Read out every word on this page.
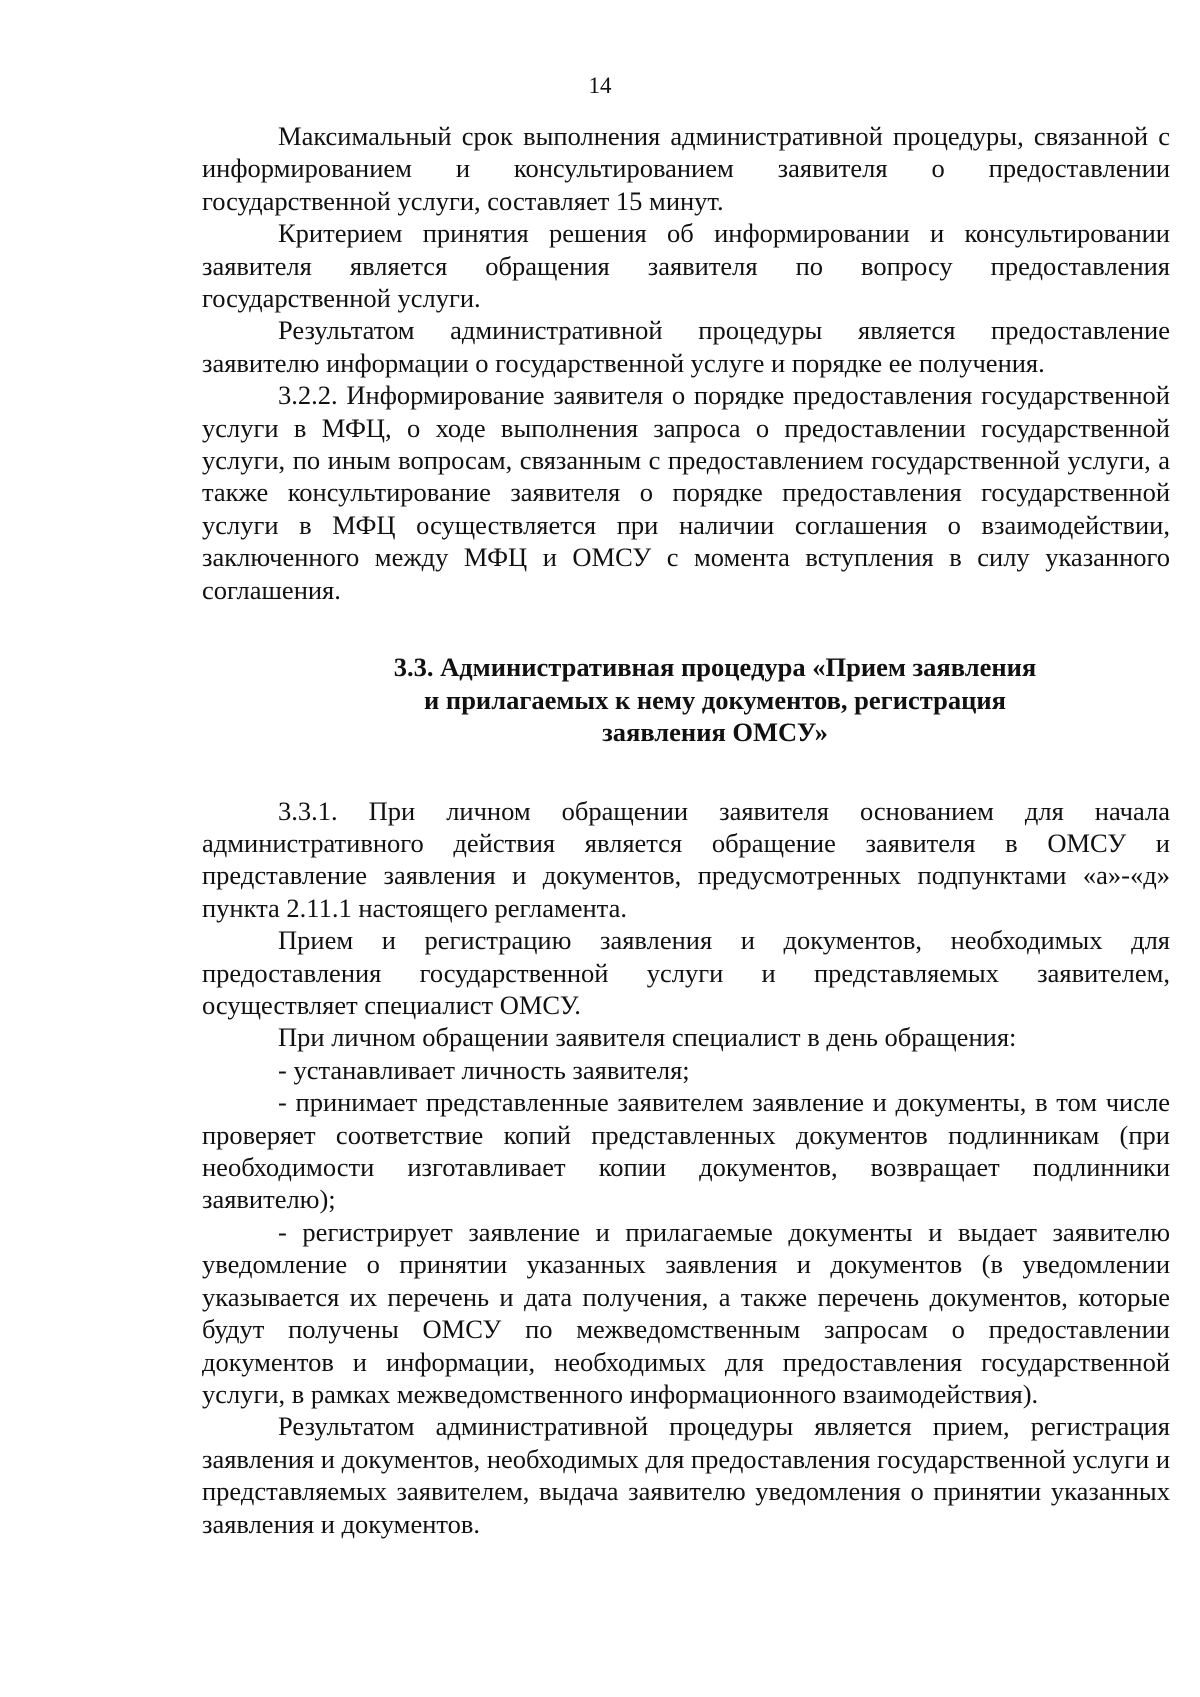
14

Максимальный срок выполнения административной процедуры, связанной с информированием и консультированием заявителя о предоставлении государственной услуги, составляет 15 минут.

Критерием принятия решения об информировании и консультировании заявителя является обращения заявителя по вопросу предоставления государственной услуги.

Результатом административной процедуры является предоставление заявителю информации о государственной услуге и порядке ее получения.

3.2.2. Информирование заявителя о порядке предоставления государственной услуги в МФЦ, о ходе выполнения запроса о предоставлении государственной услуги, по иным вопросам, связанным с предоставлением государственной услуги, а также консультирование заявителя о порядке предоставления государственной услуги в МФЦ осуществляется при наличии соглашения о взаимодействии, заключенного между МФЦ и ОМСУ с момента вступления в силу указанного соглашения.

3.3. Административная процедура «Прием заявления
и прилагаемых к нему документов, регистрация
заявления ОМСУ»

3.3.1. При личном обращении заявителя основанием для начала административного действия является обращение заявителя в ОМСУ и представление заявления и документов, предусмотренных подпунктами «а»-«д» пункта 2.11.1 настоящего регламента.

Прием и регистрацию заявления и документов, необходимых для предоставления государственной услуги и представляемых заявителем, осуществляет специалист ОМСУ.

При личном обращении заявителя специалист в день обращения:

- устанавливает личность заявителя;

- принимает представленные заявителем заявление и документы, в том числе проверяет соответствие копий представленных документов подлинникам (при необходимости изготавливает копии документов, возвращает подлинники заявителю);

- регистрирует заявление и прилагаемые документы и выдает заявителю уведомление о принятии указанных заявления и документов (в уведомлении указывается их перечень и дата получения, а также перечень документов, которые будут получены ОМСУ по межведомственным запросам о предоставлении документов и информации, необходимых для предоставления государственной услуги, в рамках межведомственного информационного взаимодействия).

Результатом административной процедуры является прием, регистрация заявления и документов, необходимых для предоставления государственной услуги и представляемых заявителем, выдача заявителю уведомления о принятии указанных заявления и документов.
